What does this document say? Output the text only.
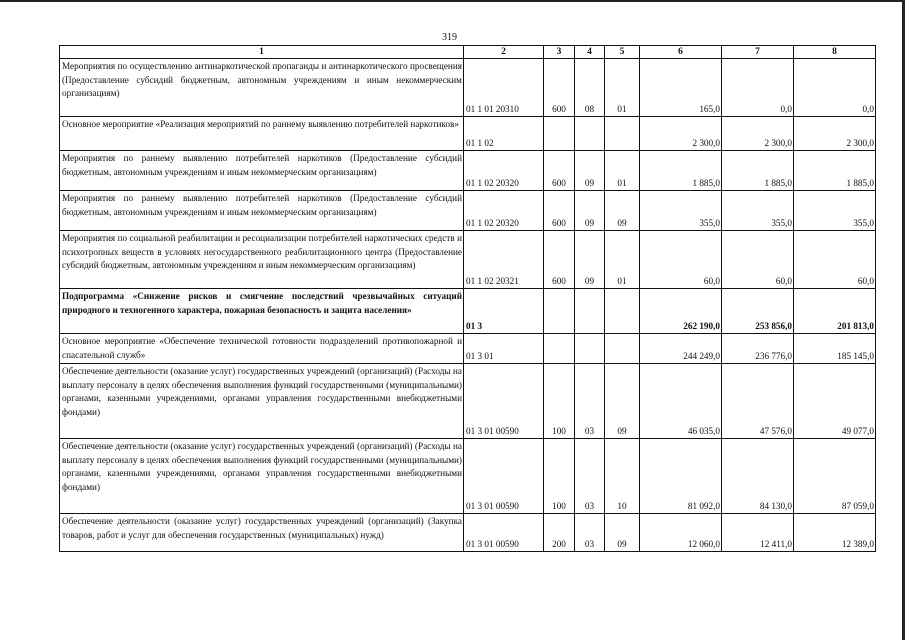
319
1	2	3	4	5	6	7	8
Мероприятия по осуществлению антинаркотической пропаганды и антинаркотического просвещения (Предоставление субсидий бюджетным, автономным учреждениям и иным некоммерческим организациям)	01 1 01 20310	600	08	01	165,0	0,0	0,0
Основное мероприятие «Реализация мероприятий по раннему выявлению потребителей наркотиков»	01 1 02				2 300,0	2 300,0	2 300,0
Мероприятия по раннему выявлению потребителей наркотиков (Предоставление субсидий бюджетным, автономным учреждениям и иным некоммерческим организациям)	01 1 02 20320	600	09	01	1 885,0	1 885,0	1 885,0
Мероприятия по раннему выявлению потребителей наркотиков (Предоставление субсидий бюджетным, автономным учреждениям и иным некоммерческим организациям)	01 1 02 20320	600	09	09	355,0	355,0	355,0
Мероприятия по социальной реабилитации и ресоциализации потребителей наркотических средств и психотропных веществ в условиях негосударственного реабилитационного центра (Предоставление субсидий бюджетным, автономным учреждениям и иным некоммерческим организациям)	01 1 02 20321	600	09	01	60,0	60,0	60,0
Подпрограмма «Снижение рисков и смягчение последствий чрезвычайных ситуаций природного и техногенного характера, пожарная безопасность и защита населения»	01 3				262 190,0	253 856,0	201 813,0
Основное мероприятие «Обеспечение технической готовности подразделений противопожарной и спасательной служб»	01 3 01				244 249,0	236 776,0	185 145,0
Обеспечение деятельности (оказание услуг) государственных учреждений (организаций) (Расходы на выплату персоналу в целях обеспечения выполнения функций государственными (муниципальными) органами, казенными учреждениями, органами управления государственными внебюджетными фондами)	01 3 01 00590	100	03	09	46 035,0	47 576,0	49 077,0
Обеспечение деятельности (оказание услуг) государственных учреждений (организаций) (Расходы на выплату персоналу в целях обеспечения выполнения функций государственными (муниципальными) органами, казенными учреждениями, органами управления государственными внебюджетными фондами)	01 3 01 00590	100	03	10	81 092,0	84 130,0	87 059,0
Обеспечение деятельности (оказание услуг) государственных учреждений (организаций) (Закупка товаров, работ и услуг для обеспечения государственных (муниципальных) нужд)	01 3 01 00590	200	03	09	12 060,0	12 411,0	12 389,0
